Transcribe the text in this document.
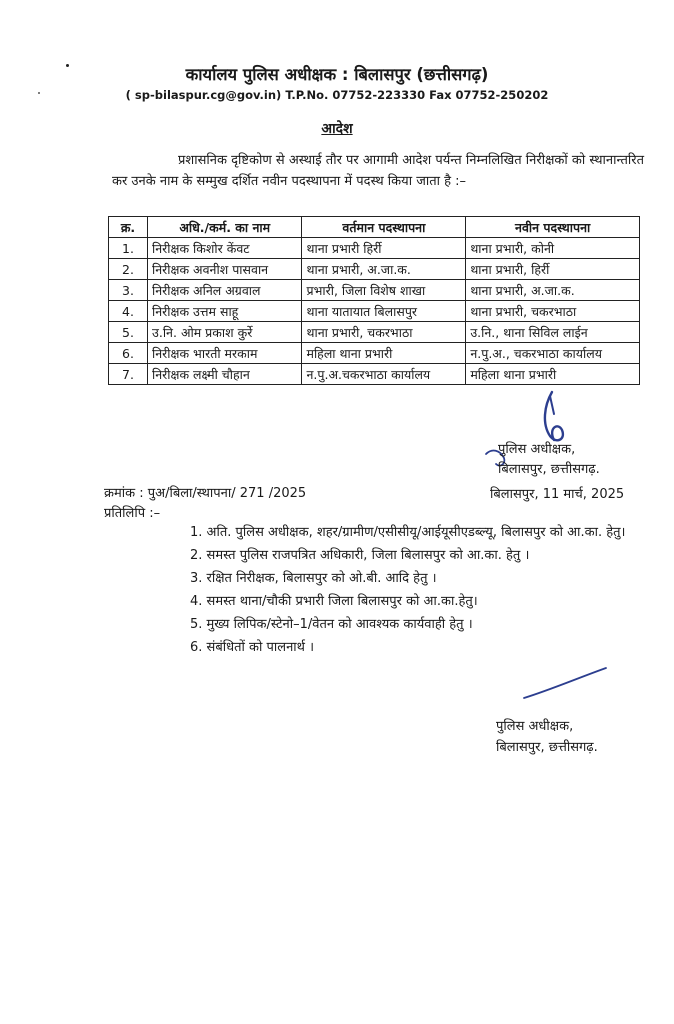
कार्यालय पुलिस अधीक्षक : बिलासपुर (छत्तीसगढ़)
( sp-bilaspur.cg@gov.in) T.P.No. 07752-223330 Fax 07752-250202
आदेश
प्रशासनिक दृष्टिकोण से अस्थाई तौर पर आगामी आदेश पर्यन्त निम्नलिखित निरीक्षकों को स्थानान्तरित कर उनके नाम के सम्मुख दर्शित नवीन पदस्थापना में पदस्थ किया जाता है :–
क्र.	अधि./कर्म. का नाम	वर्तमान पदस्थापना	नवीन पदस्थापना
1.	निरीक्षक किशोर केंवट	थाना प्रभारी हिर्री	थाना प्रभारी, कोनी
2.	निरीक्षक अवनीश पासवान	थाना प्रभारी, अ.जा.क.	थाना प्रभारी, हिर्री
3.	निरीक्षक अनिल अग्रवाल	प्रभारी, जिला विशेष शाखा	थाना प्रभारी, अ.जा.क.
4.	निरीक्षक उत्तम साहू	थाना यातायात बिलासपुर	थाना प्रभारी, चकरभाठा
5.	उ.नि. ओम प्रकाश कुर्रे	थाना प्रभारी, चकरभाठा	उ.नि., थाना सिविल लाईन
6.	निरीक्षक भारती मरकाम	महिला थाना प्रभारी	न.पु.अ., चकरभाठा कार्यालय
7.	निरीक्षक लक्ष्मी चौहान	न.पु.अ.चकरभाठा कार्यालय	महिला थाना प्रभारी
पुलिस अधीक्षक,
बिलासपुर, छत्तीसगढ़.
क्रमांक : पुअ/बिला/स्थापना/ 271 /2025
प्रतिलिपि :–
बिलासपुर, 11 मार्च, 2025

1. अति. पुलिस अधीक्षक, शहर/ग्रामीण/एसीसीयू/आईयूसीएडब्ल्यू, बिलासपुर को आ.का. हेतु।

2. समस्त पुलिस राजपत्रित अधिकारी, जिला बिलासपुर को आ.का. हेतु ।

3. रक्षित निरीक्षक, बिलासपुर को ओ.बी. आदि हेतु ।

4. समस्त थाना/चौकी प्रभारी जिला बिलासपुर को आ.का.हेतु।

5. मुख्य लिपिक/स्टेनो–1/वेतन को आवश्यक कार्यवाही हेतु ।

6. संबंधितों को पालनार्थ ।

पुलिस अधीक्षक,
बिलासपुर, छत्तीसगढ़.
